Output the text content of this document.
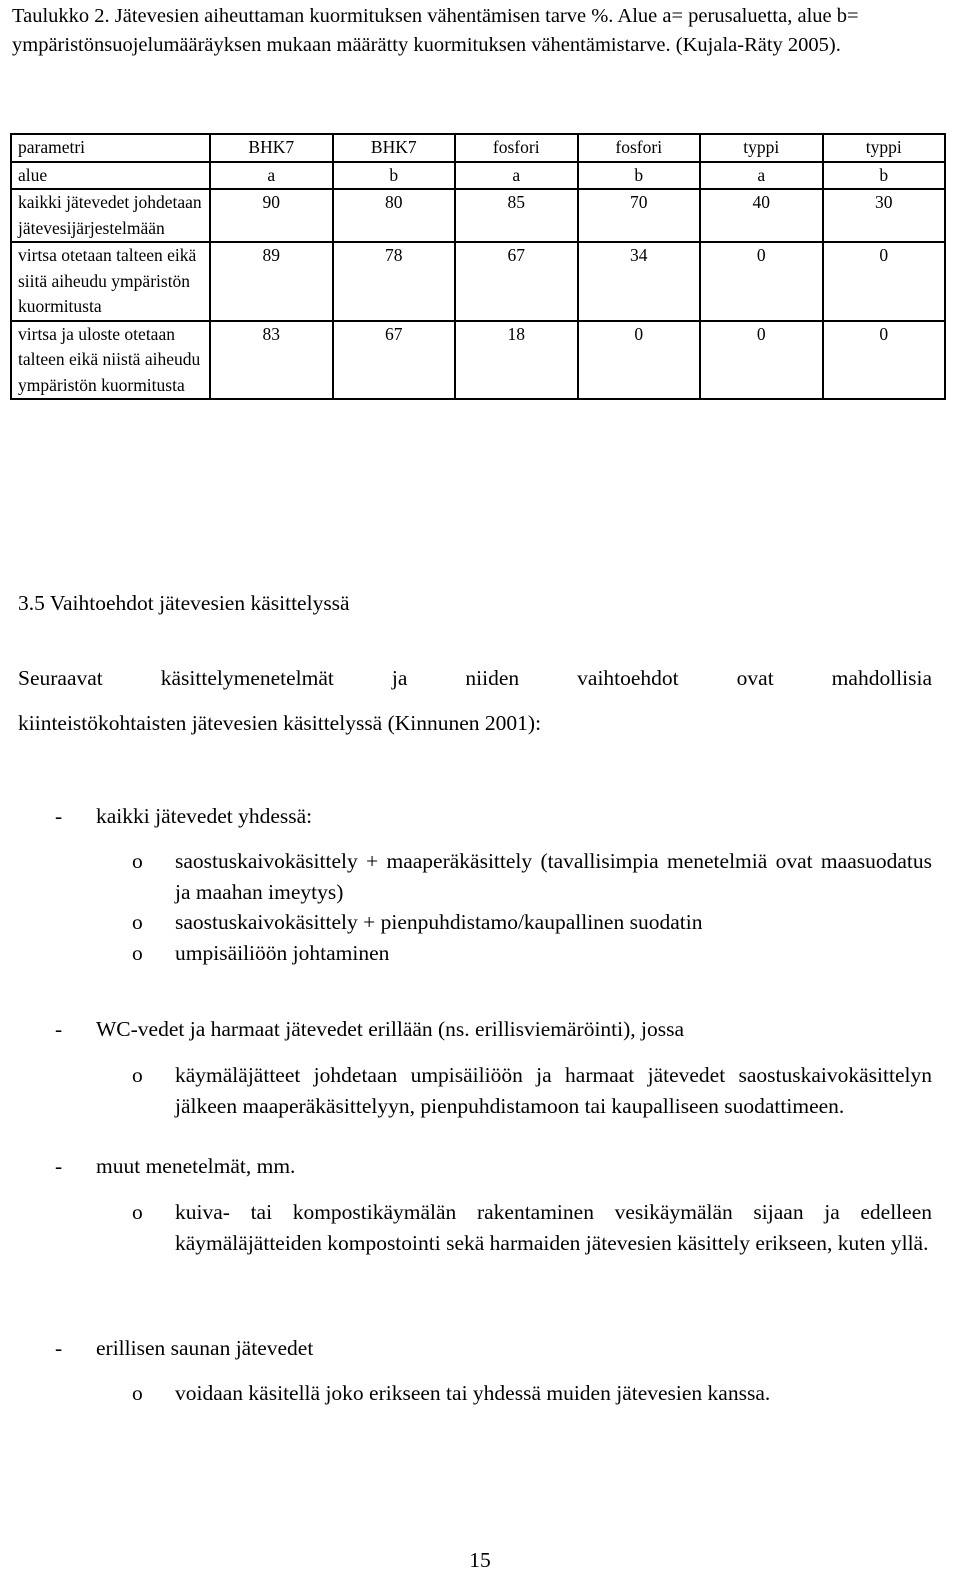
Taulukko 2. Jätevesien aiheuttaman kuormituksen vähentämisen tarve %. Alue a= perusaluetta, alue b= ympäristönsuojelumääräyksen mukaan määrätty kuormituksen vähentämistarve. (Kujala-Räty 2005).
parametri	BHK7	BHK7	fosfori	fosfori	typpi	typpi
alue	a	b	a	b	a	b
kaikki jätevedet johdetaan jätevesijärjestelmään	90	80	85	70	40	30
virtsa otetaan talteen eikä siitä aiheudu ympäristön kuormitusta	89	78	67	34	0	0
virtsa ja uloste otetaan talteen eikä niistä aiheudu ympäristön kuormitusta	83	67	18	0	0	0
3.5 Vaihtoehdot jätevesien käsittelyssä
Seuraavat käsittelymenetelmät ja niiden vaihtoehdot ovat mahdollisia
kiinteistökohtaisten jätevesien käsittelyssä (Kinnunen 2001):
- kaikki jätevedet yhdessä:
o saostuskaivokäsittely + maaperäkäsittely (tavallisimpia menetelmiä ovat maasuodatus ja maahan imeytys)
o saostuskaivokäsittely + pienpuhdistamo/kaupallinen suodatin
o umpisäiliöön johtaminen
- WC-vedet ja harmaat jätevedet erillään (ns. erillisviemäröinti), jossa
o käymäläjätteet johdetaan umpisäiliöön ja harmaat jätevedet saostuskaivokäsittelyn jälkeen maaperäkäsittelyyn, pienpuhdistamoon tai kaupalliseen suodattimeen.
- muut menetelmät, mm.
o kuiva- tai kompostikäymälän rakentaminen vesikäymälän sijaan ja edelleen käymäläjätteiden kompostointi sekä harmaiden jätevesien käsittely erikseen, kuten yllä.
- erillisen saunan jätevedet
o voidaan käsitellä joko erikseen tai yhdessä muiden jätevesien kanssa.
15
